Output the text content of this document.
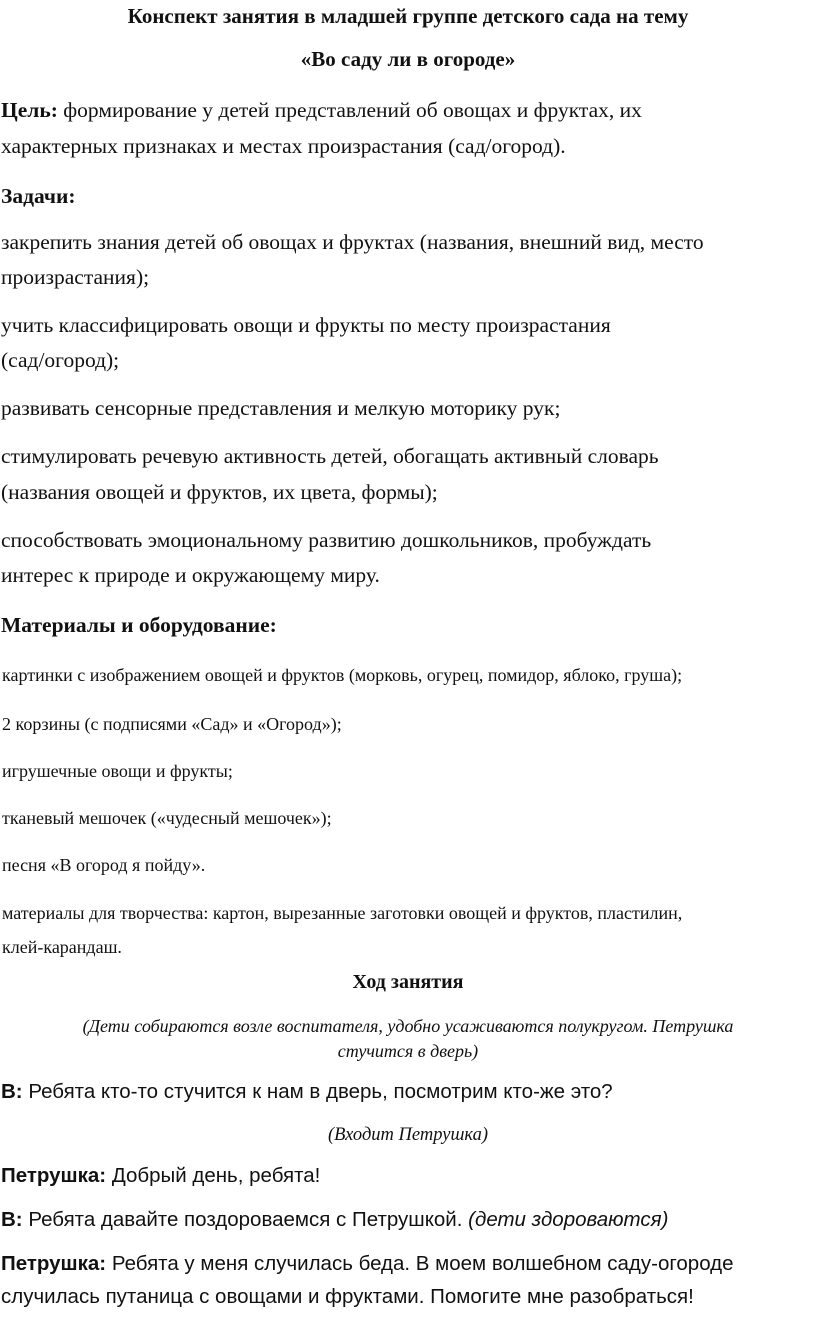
Конспект занятия в младшей группе детского сада на тему
«Во саду ли в огороде»
Цель: формирование у детей представлений об овощах и фруктах, их
характерных признаках и местах произрастания (сад/огород).
Задачи:
закрепить знания детей об овощах и фруктах (названия, внешний вид, место
произрастания);
учить классифицировать овощи и фрукты по месту произрастания
(сад/огород);
развивать сенсорные представления и мелкую моторику рук;
стимулировать речевую активность детей, обогащать активный словарь
(названия овощей и фруктов, их цвета, формы);
способствовать эмоциональному развитию дошкольников, пробуждать
интерес к природе и окружающему миру.
Материалы и оборудование:
картинки с изображением овощей и фруктов (морковь, огурец, помидор, яблоко, груша);
2 корзины (с подписями «Сад» и «Огород»);
игрушечные овощи и фрукты;
тканевый мешочек («чудесный мешочек»);
песня «В огород я пойду».
материалы для творчества: картон, вырезанные заготовки овощей и фруктов, пластилин,
клей-карандаш.
Ход занятия
(Дети собираются возле воспитателя, удобно усаживаются полукругом. Петрушка
стучится в дверь)
В: Ребята кто-то стучится к нам в дверь, посмотрим кто-же это?
(Входит Петрушка)
Петрушка: Добрый день, ребята!
В: Ребята давайте поздороваемся с Петрушкой. (дети здороваются)
Петрушка: Ребята у меня случилась беда. В моем волшебном саду-огороде
случилась путаница с овощами и фруктами. Помогите мне разобраться!
